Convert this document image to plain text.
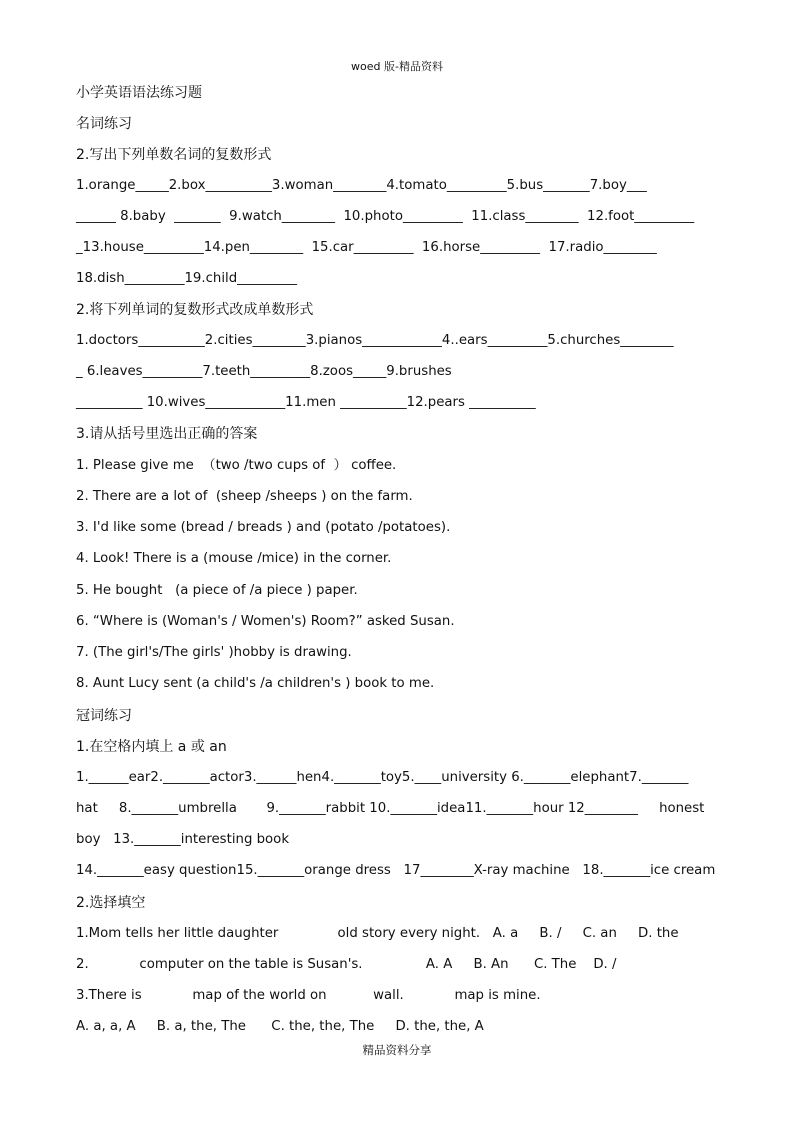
woed 版-精品资料
小学英语语法练习题
名词练习
2.写出下列单数名词的复数形式
1.orange_____2.box__________3.woman________4.tomato_________5.bus_______7.boy___
______ 8.baby  _______  9.watch________  10.photo_________  11.class________  12.foot_________
_13.house_________14.pen________  15.car_________  16.horse_________  17.radio________
18.dish_________19.child_________
2.将下列单词的复数形式改成单数形式
1.doctors__________2.cities________3.pianos____________4..ears_________5.churches________
_ 6.leaves_________7.teeth_________8.zoos_____9.brushes
__________ 10.wives____________11.men __________12.pears __________
3.请从括号里选出正确的答案
1. Please give me  （two /two cups of  ） coffee.
2. There are a lot of  (sheep /sheeps ) on the farm.
3. I'd like some (bread / breads ) and (potato /potatoes).
4. Look! There is a (mouse /mice) in the corner.
5. He bought   (a piece of /a piece ) paper.
6. “Where is (Woman's / Women's) Room?” asked Susan.
7. (The girl's/The girls' )hobby is drawing.
8. Aunt Lucy sent (a child's /a children's ) book to me.
冠词练习
1.在空格内填上 a 或 an
1.______ear2._______actor3.______hen4._______toy5.____university 6._______elephant7._______
hat     8._______umbrella       9._______rabbit 10._______idea11._______hour 12________     honest
boy   13._______interesting book
14._______easy question15._______orange dress   17________X-ray machine   18._______ice cream
2.选择填空
1.Mom tells her little daughter              old story every night.   A. a     B. /     C. an     D. the
2.            computer on the table is Susan's.               A. A     B. An      C. The    D. /
3.There is            map of the world on           wall.            map is mine.
A. a, a, A     B. a, the, The      C. the, the, The     D. the, the, A
精品资料分享
